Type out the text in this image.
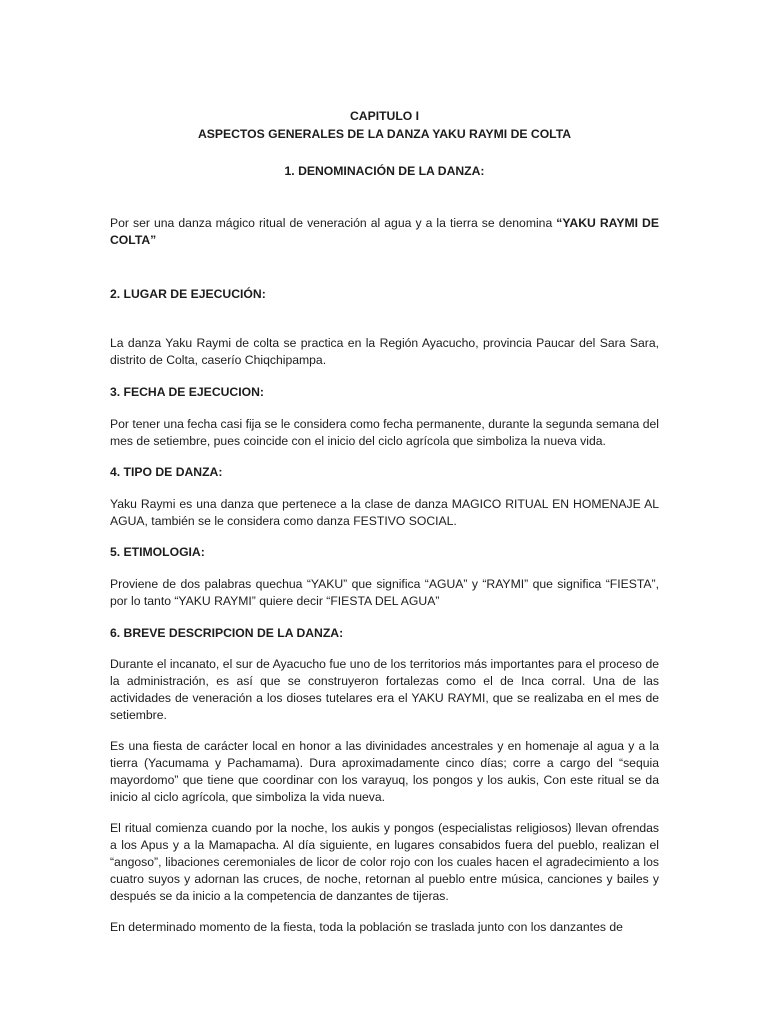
CAPITULO I

ASPECTOS GENERALES DE LA DANZA YAKU RAYMI DE COLTA

1. DENOMINACIÓN DE LA DANZA:

Por ser una danza mágico ritual de veneración al agua y a la tierra se denomina “YAKU RAYMI DE COLTA”

2. LUGAR DE EJECUCIÓN:

La danza Yaku Raymi de colta se practica en la Región Ayacucho, provincia Paucar del Sara Sara, distrito de Colta, caserío Chiqchipampa.

3. FECHA DE EJECUCION:

Por tener una fecha casi fija se le considera como fecha permanente, durante la segunda semana del mes de setiembre, pues coincide con el inicio del ciclo agrícola que simboliza la nueva vida.

4. TIPO DE DANZA:

Yaku Raymi es una danza que pertenece a la clase de danza MAGICO RITUAL EN HOMENAJE AL AGUA, también se le considera como danza FESTIVO SOCIAL.

5. ETIMOLOGIA:

Proviene de dos palabras quechua “YAKU” que significa “AGUA” y “RAYMI” que significa “FIESTA”, por lo tanto “YAKU RAYMI” quiere decir “FIESTA DEL AGUA”

6. BREVE DESCRIPCION DE LA DANZA:

Durante el incanato, el sur de Ayacucho fue uno de los territorios más importantes para el proceso de la administración, es así que se construyeron fortalezas como el de Inca corral. Una de las actividades de veneración a los dioses tutelares era el YAKU RAYMI, que se realizaba en el mes de setiembre.

Es una fiesta de carácter local en honor a las divinidades ancestrales y en homenaje al agua y a la tierra (Yacumama y Pachamama). Dura aproximadamente cinco días; corre a cargo del “sequia mayordomo” que tiene que coordinar con los varayuq, los pongos y los aukis, Con este ritual se da inicio al ciclo agrícola, que simboliza la vida nueva.

El ritual comienza cuando por la noche, los aukis y pongos (especialistas religiosos) llevan ofrendas a los Apus y a la Mamapacha. Al día siguiente, en lugares consabidos fuera del pueblo, realizan el “angoso”, libaciones ceremoniales de licor de color rojo con los cuales hacen el agradecimiento a los cuatro suyos y adornan las cruces, de noche, retornan al pueblo entre música, canciones y bailes y después se da inicio a la competencia de danzantes de tijeras.

En determinado momento de la fiesta, toda la población se traslada junto con los danzantes de
